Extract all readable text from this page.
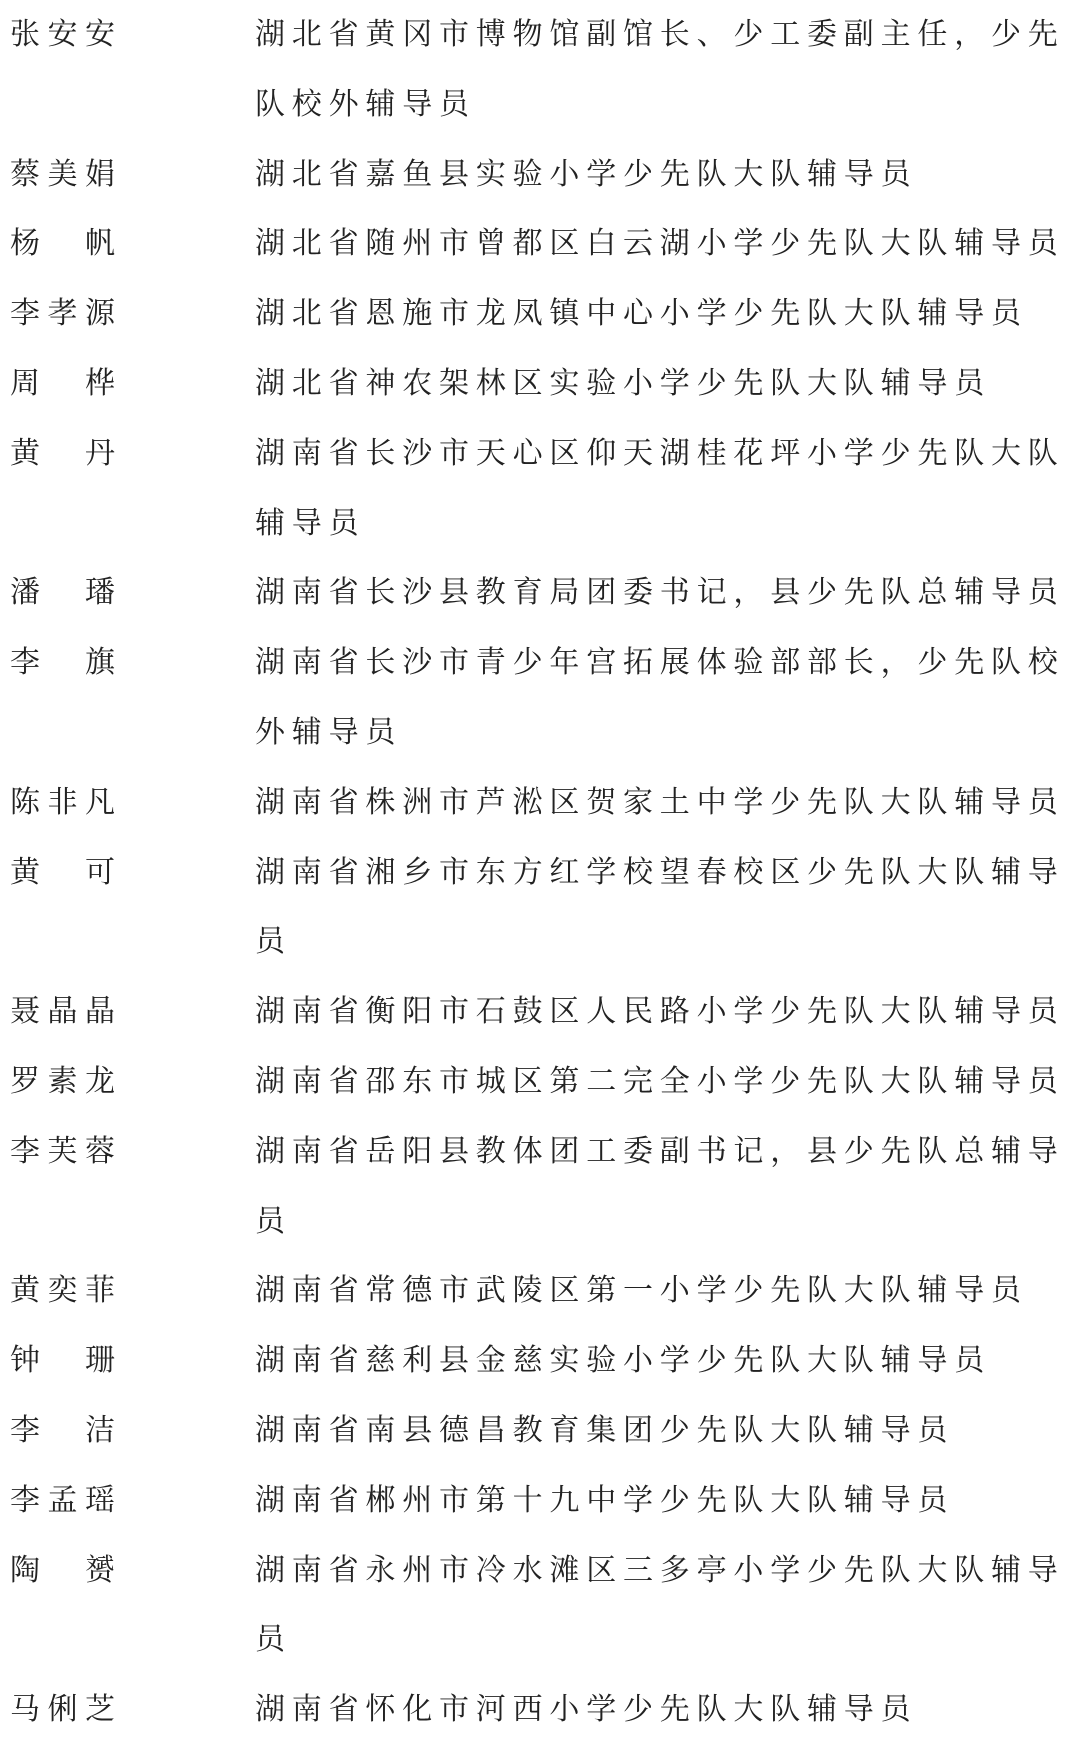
张安安	湖北省黄冈市博物馆副馆长、少工委副主任，少先队校外辅导员
蔡美娟	湖北省嘉鱼县实验小学少先队大队辅导员
杨帆	湖北省随州市曾都区白云湖小学少先队大队辅导员
李孝源	湖北省恩施市龙凤镇中心小学少先队大队辅导员
周桦	湖北省神农架林区实验小学少先队大队辅导员
黄丹	湖南省长沙市天心区仰天湖桂花坪小学少先队大队辅导员
潘璠	湖南省长沙县教育局团委书记，县少先队总辅导员
李旗	湖南省长沙市青少年宫拓展体验部部长，少先队校外辅导员
陈非凡	湖南省株洲市芦淞区贺家土中学少先队大队辅导员
黄可	湖南省湘乡市东方红学校望春校区少先队大队辅导员
聂晶晶	湖南省衡阳市石鼓区人民路小学少先队大队辅导员
罗素龙	湖南省邵东市城区第二完全小学少先队大队辅导员
李芙蓉	湖南省岳阳县教体团工委副书记，县少先队总辅导员
黄奕菲	湖南省常德市武陵区第一小学少先队大队辅导员
钟珊	湖南省慈利县金慈实验小学少先队大队辅导员
李洁	湖南省南县德昌教育集团少先队大队辅导员
李孟瑶	湖南省郴州市第十九中学少先队大队辅导员
陶赟	湖南省永州市冷水滩区三多亭小学少先队大队辅导员
马俐芝	湖南省怀化市河西小学少先队大队辅导员
